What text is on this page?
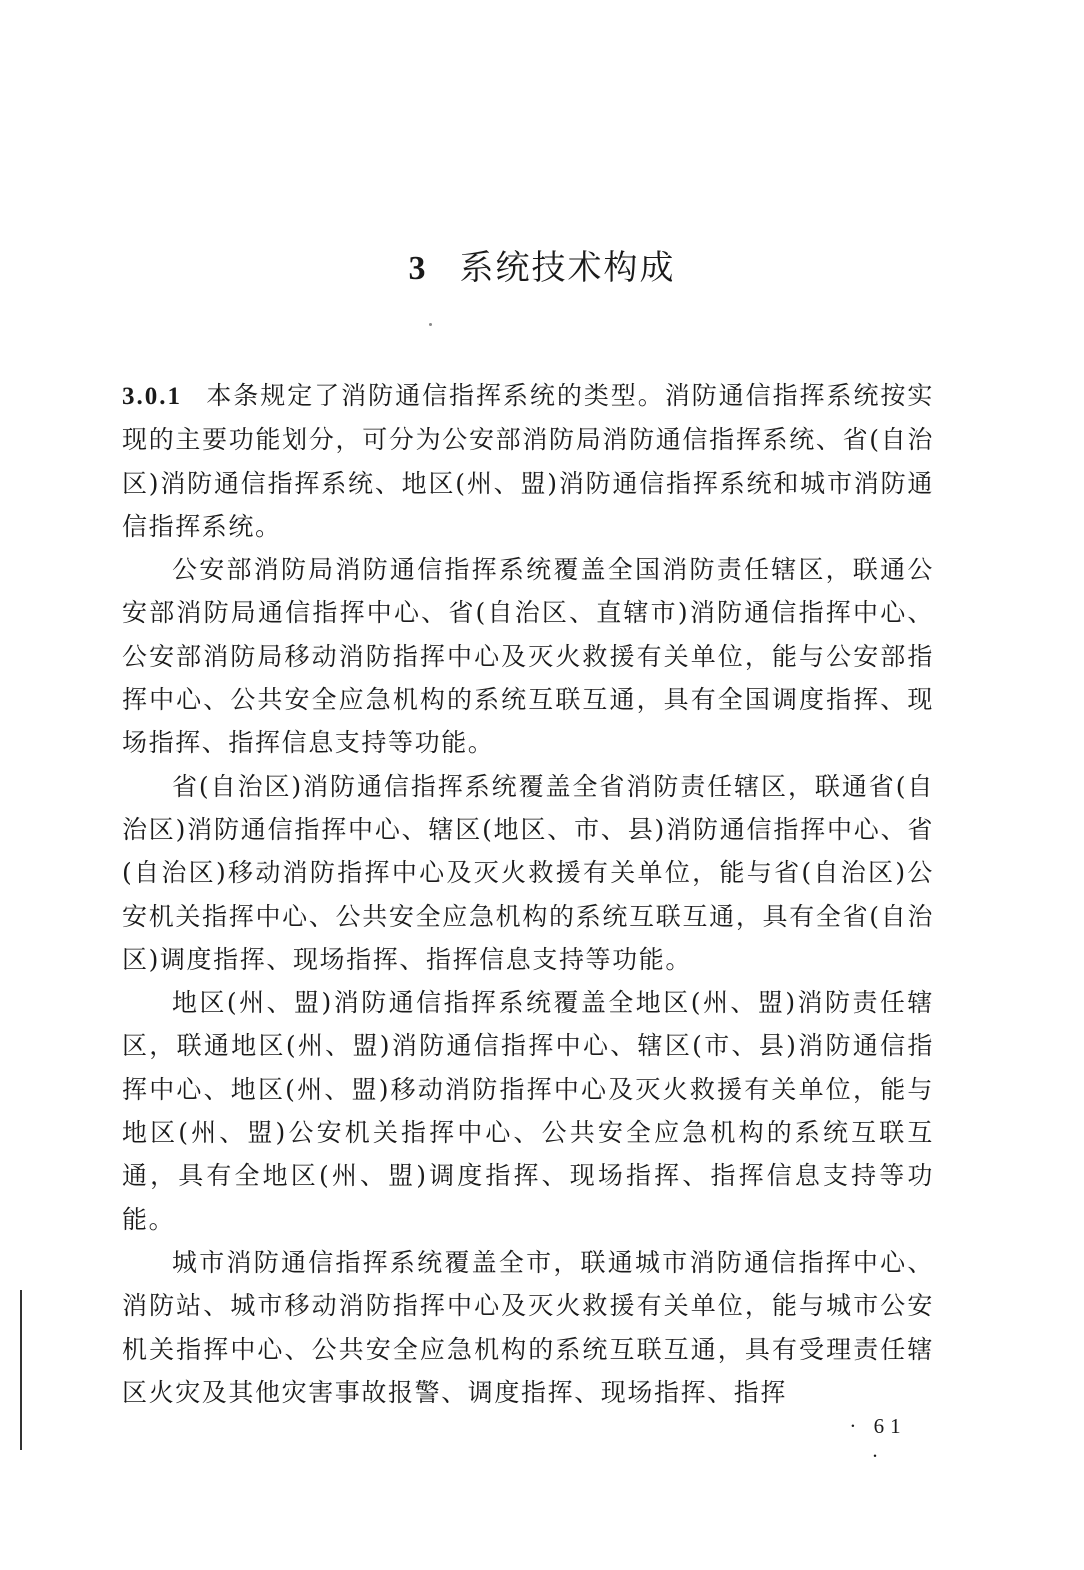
3 系统技术构成

3.0.1 本条规定了消防通信指挥系统的类型。消防通信指挥系统按实现的主要功能划分，可分为公安部消防局消防通信指挥系统、省(自治区)消防通信指挥系统、地区(州、盟)消防通信指挥系统和城市消防通信指挥系统。

公安部消防局消防通信指挥系统覆盖全国消防责任辖区，联通公安部消防局通信指挥中心、省(自治区、直辖市)消防通信指挥中心、公安部消防局移动消防指挥中心及灭火救援有关单位，能与公安部指挥中心、公共安全应急机构的系统互联互通，具有全国调度指挥、现场指挥、指挥信息支持等功能。

省(自治区)消防通信指挥系统覆盖全省消防责任辖区，联通省(自治区)消防通信指挥中心、辖区(地区、市、县)消防通信指挥中心、省(自治区)移动消防指挥中心及灭火救援有关单位，能与省(自治区)公安机关指挥中心、公共安全应急机构的系统互联互通，具有全省(自治区)调度指挥、现场指挥、指挥信息支持等功能。

地区(州、盟)消防通信指挥系统覆盖全地区(州、盟)消防责任辖区，联通地区(州、盟)消防通信指挥中心、辖区(市、县)消防通信指挥中心、地区(州、盟)移动消防指挥中心及灭火救援有关单位，能与地区(州、盟)公安机关指挥中心、公共安全应急机构的系统互联互通，具有全地区(州、盟)调度指挥、现场指挥、指挥信息支持等功能。

城市消防通信指挥系统覆盖全市，联通城市消防通信指挥中心、消防站、城市移动消防指挥中心及灭火救援有关单位，能与城市公安机关指挥中心、公共安全应急机构的系统互联互通，具有受理责任辖区火灾及其他灾害事故报警、调度指挥、现场指挥、指挥

· 61 ·
